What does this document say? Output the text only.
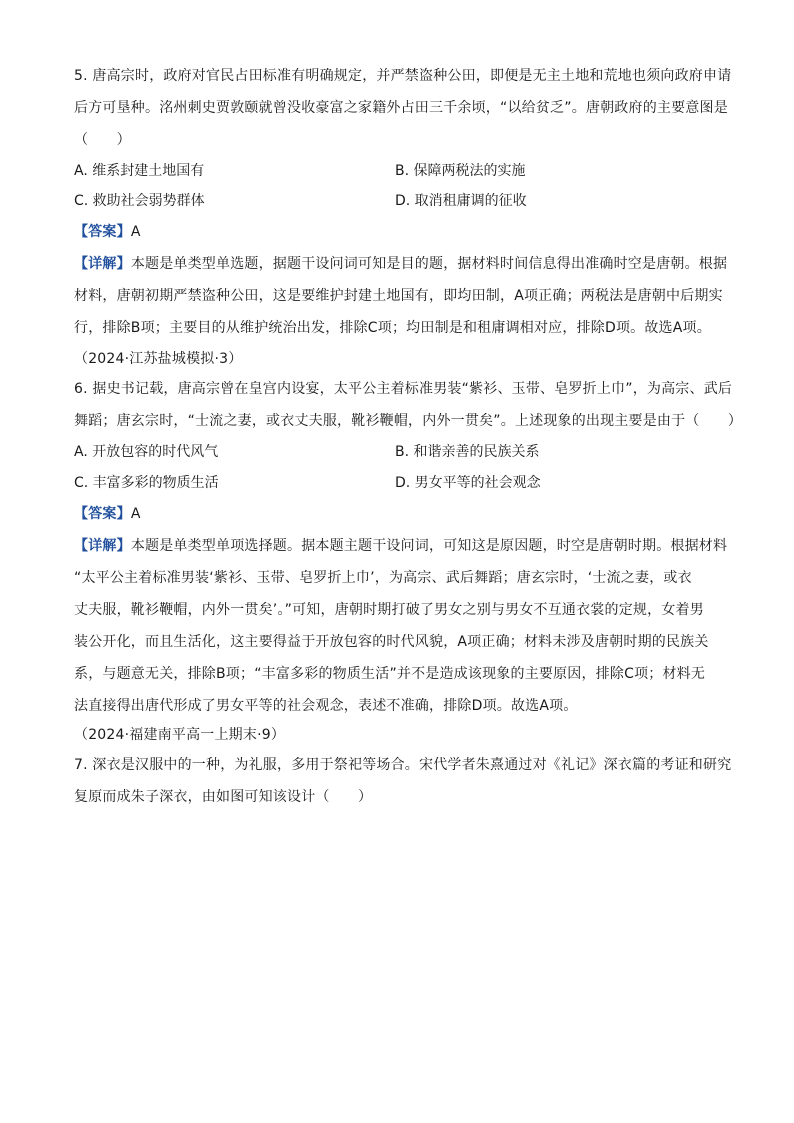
5. 唐高宗时，政府对官民占田标准有明确规定，并严禁盗种公田，即便是无主土地和荒地也须向政府申请
后方可垦种。洺州刺史贾敦颐就曾没收豪富之家籍外占田三千余顷，“以给贫乏”。唐朝政府的主要意图是
（　　）
A. 维系封建土地国有	B. 保障两税法的实施
C. 救助社会弱势群体	D. 取消租庸调的征收
【答案】A
【详解】本题是单类型单选题，据题干设问词可知是目的题，据材料时间信息得出准确时空是唐朝。根据
材料，唐朝初期严禁盗种公田，这是要维护封建土地国有，即均田制，A项正确；两税法是唐朝中后期实
行，排除B项；主要目的从维护统治出发，排除C项；均田制是和租庸调相对应，排除D项。故选A项。
（2024·江苏盐城模拟·3）
6. 据史书记载，唐高宗曾在皇宫内设宴，太平公主着标准男装“紫衫、玉带、皂罗折上巾”，为高宗、武后
舞蹈；唐玄宗时，“士流之妻，或衣丈夫服，靴衫鞭帽，内外一贯矣”。上述现象的出现主要是由于（　　）
A. 开放包容的时代风气	B. 和谐亲善的民族关系
C. 丰富多彩的物质生活	D. 男女平等的社会观念
【答案】A
【详解】本题是单类型单项选择题。据本题主题干设问词，可知这是原因题，时空是唐朝时期。根据材料
“太平公主着标准男装‘紫衫、玉带、皂罗折上巾’，为高宗、武后舞蹈；唐玄宗时，‘士流之妻，或衣
丈夫服，靴衫鞭帽，内外一贯矣’。”可知，唐朝时期打破了男女之别与男女不互通衣裳的定规，女着男
装公开化，而且生活化，这主要得益于开放包容的时代风貌，A项正确；材料未涉及唐朝时期的民族关
系，与题意无关，排除B项；“丰富多彩的物质生活”并不是造成该现象的主要原因，排除C项；材料无
法直接得出唐代形成了男女平等的社会观念，表述不准确，排除D项。故选A项。
（2024·福建南平高一上期末·9）
7. 深衣是汉服中的一种，为礼服，多用于祭祀等场合。宋代学者朱熹通过对《礼记》深衣篇的考证和研究
复原而成朱子深衣，由如图可知该设计（　　）
